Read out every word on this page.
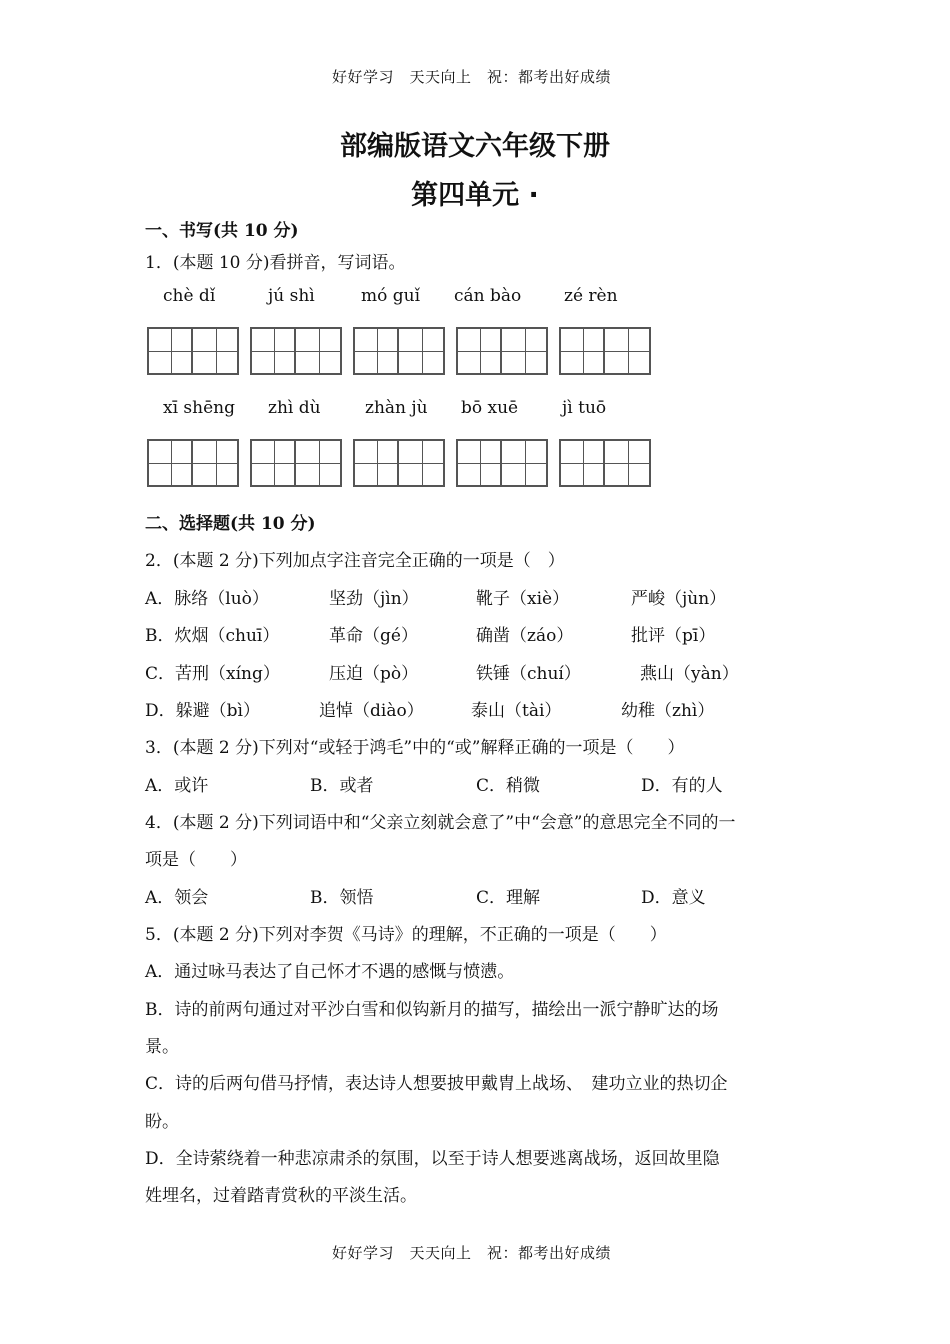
好好学习　天天向上　祝：都考出好成绩
部编版语文六年级下册
第四单元 ·
一、书写(共 10 分)
1．(本题 10 分)看拼音，写词语。
chè dǐ	jú shì	mó guǐ cán bào	zé rèn
xī shēng zhì dù	zhàn jù bō xuē	jì tuō
二、选择题(共 10 分)
2．(本题 2 分)下列加点字注音完全正确的一项是（　）
A．脉络（luò）	坚劲（jìn）	靴子（xiè）	严峻（jùn）
B．炊烟（chuī）	革命（gé）	确凿（záo）	批评（pī）
C．苦刑（xíng）	压迫（pò）	铁锤（chuí）	燕山（yàn）
D．躲避（bì）	追悼（diào）	泰山（tài）	幼稚（zhì）
3．(本题 2 分)下列对“或轻于鸿毛”中的“或”解释正确的一项是（　　）
A．或许	B．或者	C．稍微	D．有的人
4．(本题 2 分)下列词语中和“父亲立刻就会意了”中“会意”的意思完全不同的一
项是（　　）
A．领会	B．领悟	C．理解	D．意义
5．(本题 2 分)下列对李贺《马诗》的理解，不正确的一项是（　　）
A．通过咏马表达了自己怀才不遇的感慨与愤懑。
B．诗的前两句通过对平沙白雪和似钩新月的描写，描绘出一派宁静旷达的场
景。
C．诗的后两句借马抒情，表达诗人想要披甲戴胄上战场、　建功立业的热切企
盼。
D．全诗萦绕着一种悲凉肃杀的氛围，以至于诗人想要逃离战场，返回故里隐
姓埋名，过着踏青赏秋的平淡生活。
好好学习　天天向上　祝：都考出好成绩
